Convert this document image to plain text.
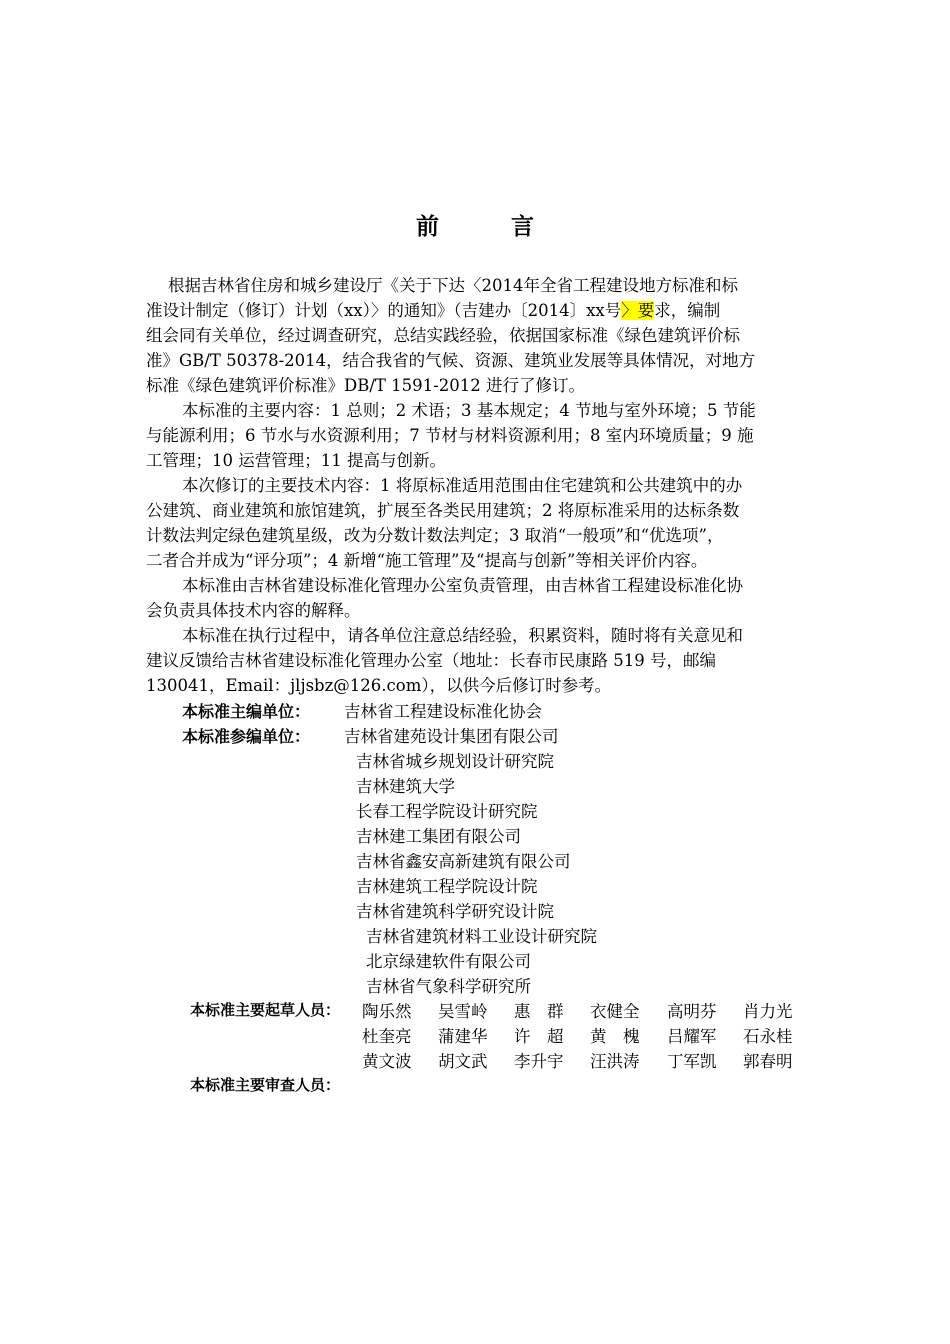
前 言
根据吉林省住房和城乡建设厅《关于下达〈2014年全省工程建设地方标准和标
准设计制定（修订）计划（xx）〉的通知》（吉建办〔2014〕xx号〉要求，编制
组会同有关单位，经过调查研究，总结实践经验，依据国家标准《绿色建筑评价标
准》GB/T 50378-2014，结合我省的气候、资源、建筑业发展等具体情况，对地方
标准《绿色建筑评价标准》DB/T 1591-2012 进行了修订。
本标准的主要内容：1 总则；2 术语；3 基本规定；4 节地与室外环境；5 节能
与能源利用；6 节水与水资源利用；7 节材与材料资源利用；8 室内环境质量；9 施
工管理；10 运营管理；11 提高与创新。
本次修订的主要技术内容：1 将原标准适用范围由住宅建筑和公共建筑中的办
公建筑、商业建筑和旅馆建筑，扩展至各类民用建筑；2 将原标准采用的达标条数
计数法判定绿色建筑星级，改为分数计数法判定；3 取消“一般项”和“优选项”，
二者合并成为“评分项”；4 新增“施工管理”及“提高与创新”等相关评价内容。
本标准由吉林省建设标准化管理办公室负责管理，由吉林省工程建设标准化协
会负责具体技术内容的解释。
本标准在执行过程中，请各单位注意总结经验，积累资料，随时将有关意见和
建议反馈给吉林省建设标准化管理办公室（地址：长春市民康路 519 号，邮编
130041，Email：jljsbz@126.com），以供今后修订时参考。
本标准主编单位： 吉林省工程建设标准化协会
本标准参编单位： 吉林省建苑设计集团有限公司
吉林省城乡规划设计研究院
吉林建筑大学
长春工程学院设计研究院
吉林建工集团有限公司
吉林省鑫安高新建筑有限公司
吉林建筑工程学院设计院
吉林省建筑科学研究设计院
吉林省建筑材料工业设计研究院
北京绿建软件有限公司
吉林省气象科学研究所
本标准主要起草人员： 陶乐然 吴雪岭 惠　群 衣健全 高明芬 肖力光
杜奎亮 蒲建华 许　超 黄　槐 吕耀军 石永桂
黄文波 胡文武 李升宇 汪洪涛 丁军凯 郭春明
本标准主要审查人员：
